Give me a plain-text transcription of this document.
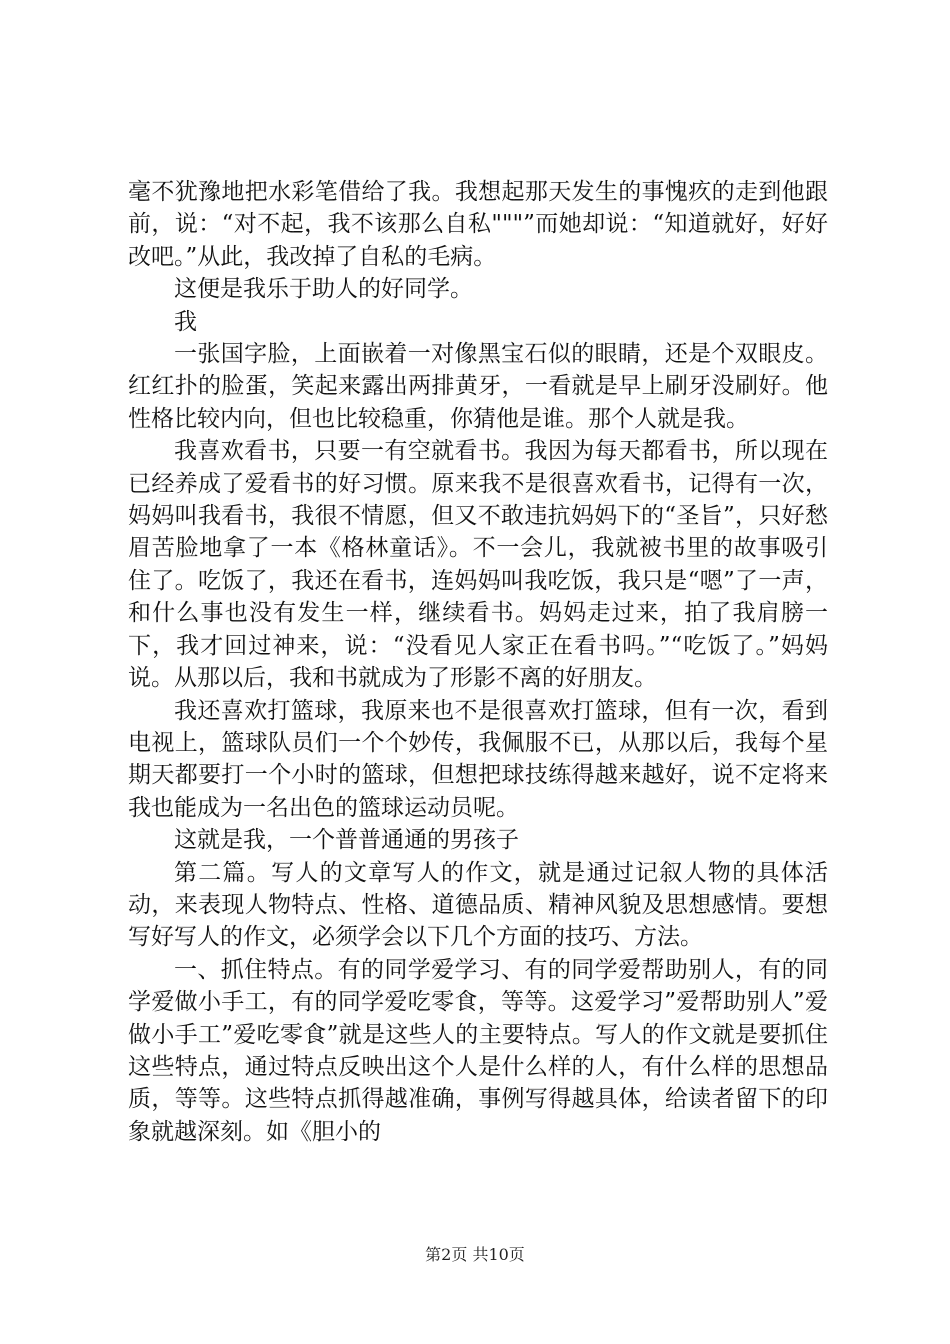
毫不犹豫地把水彩笔借给了我。我想起那天发生的事愧疚的走到他跟前，说：“对不起，我不该那么自私"""”而她却说：“知道就好，好好改吧。”从此，我改掉了自私的毛病。

这便是我乐于助人的好同学。

我

一张国字脸，上面嵌着一对像黑宝石似的眼睛，还是个双眼皮。红红扑的脸蛋，笑起来露出两排黄牙，一看就是早上刷牙没刷好。他性格比较内向，但也比较稳重，你猜他是谁。那个人就是我。

我喜欢看书，只要一有空就看书。我因为每天都看书，所以现在已经养成了爱看书的好习惯。原来我不是很喜欢看书，记得有一次，妈妈叫我看书，我很不情愿，但又不敢违抗妈妈下的“圣旨”，只好愁眉苦脸地拿了一本《格林童话》。不一会儿，我就被书里的故事吸引住了。吃饭了，我还在看书，连妈妈叫我吃饭，我只是“嗯”了一声，和什么事也没有发生一样，继续看书。妈妈走过来，拍了我肩膀一下，我才回过神来，说：“没看见人家正在看书吗。”“吃饭了。”妈妈说。从那以后，我和书就成为了形影不离的好朋友。

我还喜欢打篮球，我原来也不是很喜欢打篮球，但有一次，看到电视上，篮球队员们一个个妙传，我佩服不已，从那以后，我每个星期天都要打一个小时的篮球，但想把球技练得越来越好，说不定将来我也能成为一名出色的篮球运动员呢。

这就是我，一个普普通通的男孩子

第二篇。写人的文章写人的作文，就是通过记叙人物的具体活动，来表现人物特点、性格、道德品质、精神风貌及思想感情。要想写好写人的作文，必须学会以下几个方面的技巧、方法。

一、抓住特点。有的同学爱学习、有的同学爱帮助别人，有的同学爱做小手工，有的同学爱吃零食，等等。这爱学习”爱帮助别人”爱做小手工”爱吃零食”就是这些人的主要特点。写人的作文就是要抓住这些特点，通过特点反映出这个人是什么样的人，有什么样的思想品质，等等。这些特点抓得越准确，事例写得越具体，给读者留下的印象就越深刻。如《胆小的

第2页 共10页
